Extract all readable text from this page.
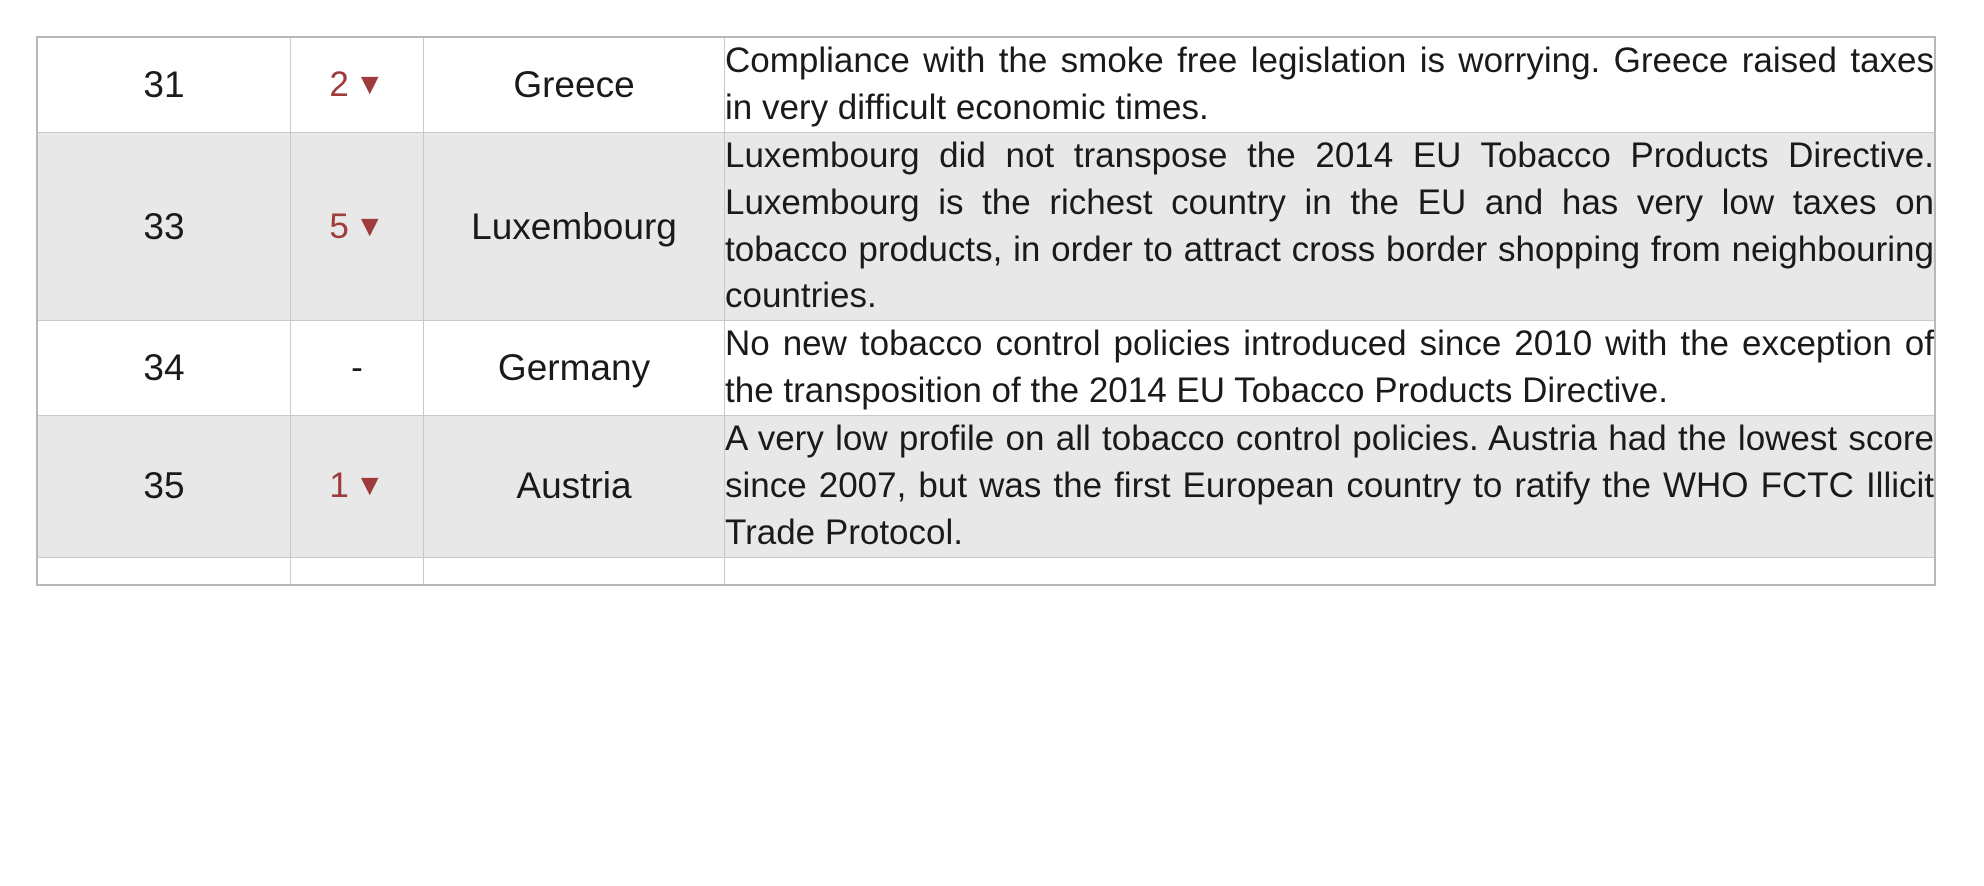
31	2 ▼	Greece	Compliance with the smoke free legislation is worrying. Greece raised taxes in very difficult economic times.
33	5 ▼	Luxembourg	Luxembourg did not transpose the 2014 EU Tobacco Products Directive. Luxembourg is the richest country in the EU and has very low taxes on tobacco products, in order to attract cross border shopping from neighbouring countries.
34	-	Germany	No new tobacco control policies introduced since 2010 with the exception of the transposition of the 2014 EU Tobacco Products Directive.
35	1 ▼	Austria	A very low profile on all tobacco control policies. Austria had the lowest score since 2007, but was the first European country to ratify the WHO FCTC Illicit Trade Protocol.
